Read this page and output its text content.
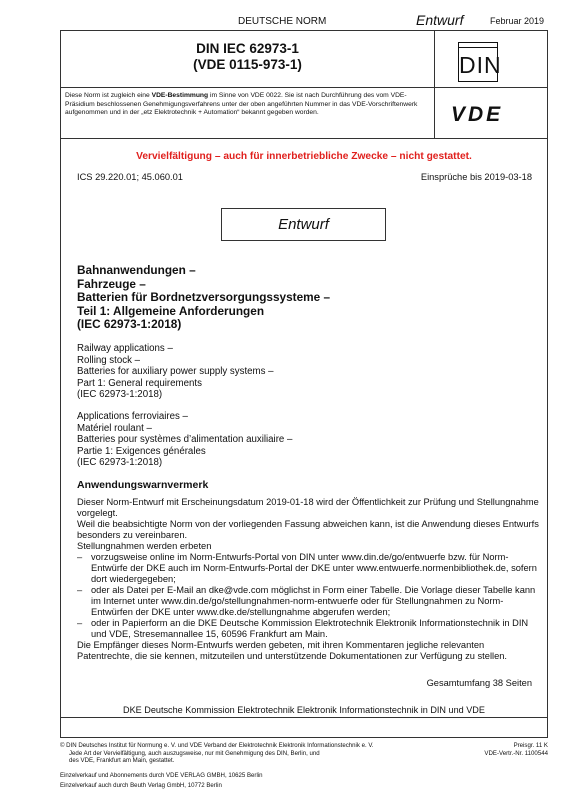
DEUTSCHE NORM	Entwurf	Februar 2019
DIN IEC 62973-1
(VDE 0115-973-1)	DIN
Diese Norm ist zugleich eine VDE-Bestimmung im Sinne von VDE 0022. Sie ist nach Durchführung des vom VDE-Präsidium beschlossenen Genehmigungsverfahrens unter der oben angeführten Nummer in das VDE-Vorschriftenwerk aufgenommen und in der „etz Elektrotechnik + Automation“ bekannt gegeben worden.	VDE
Vervielfältigung – auch für innerbetriebliche Zwecke – nicht gestattet.
ICS 29.220.01; 45.060.01	Einsprüche bis 2019-03-18
Entwurf
Bahnanwendungen –
Fahrzeuge –
Batterien für Bordnetzversorgungssysteme –
Teil 1: Allgemeine Anforderungen
(IEC 62973-1:2018)
Railway applications –
Rolling stock –
Batteries for auxiliary power supply systems –
Part 1: General requirements
(IEC 62973-1:2018)
Applications ferroviaires –
Matériel roulant –
Batteries pour systèmes d’alimentation auxiliaire –
Partie 1: Exigences générales
(IEC 62973-1:2018)
Anwendungswarnvermerk

Dieser Norm-Entwurf mit Erscheinungsdatum 2019-01-18 wird der Öffentlichkeit zur Prüfung und Stellungnahme vorgelegt.

Weil die beabsichtigte Norm von der vorliegenden Fassung abweichen kann, ist die Anwendung dieses Entwurfs besonders zu vereinbaren.

Stellungnahmen werden erbeten

– vorzugsweise online im Norm-Entwurfs-Portal von DIN unter www.din.de/go/entwuerfe bzw. für Norm-Entwürfe der DKE auch im Norm-Entwurfs-Portal der DKE unter www.entwuerfe.normenbibliothek.de, sofern dort wiedergegeben;
– oder als Datei per E-Mail an dke@vde.com möglichst in Form einer Tabelle. Die Vorlage dieser Tabelle kann im Internet unter www.din.de/go/stellungnahmen-norm-entwuerfe oder für Stellungnahmen zu Norm-Entwürfen der DKE unter www.dke.de/stellungnahme abgerufen werden;
– oder in Papierform an die DKE Deutsche Kommission Elektrotechnik Elektronik Informationstechnik in DIN und VDE, Stresemannallee 15, 60596 Frankfurt am Main.

Die Empfänger dieses Norm-Entwurfs werden gebeten, mit ihren Kommentaren jegliche relevanten Patentrechte, die sie kennen, mitzuteilen und unterstützende Dokumentationen zur Verfügung zu stellen.

Gesamtumfang 38 Seiten
DKE Deutsche Kommission Elektrotechnik Elektronik Informationstechnik in DIN und VDE
© DIN Deutsches Institut für Normung e. V. und VDE Verband der Elektrotechnik Elektronik Informationstechnik e. V.
Jede Art der Vervielfältigung, auch auszugsweise, nur mit Genehmigung des DIN, Berlin, und
des VDE, Frankfurt am Main, gestattet.
Preisgr. 11 K
VDE-Vertr.-Nr. 1100544
Einzelverkauf und Abonnements durch VDE VERLAG GMBH, 10625 Berlin
Einzelverkauf auch durch Beuth Verlag GmbH, 10772 Berlin
